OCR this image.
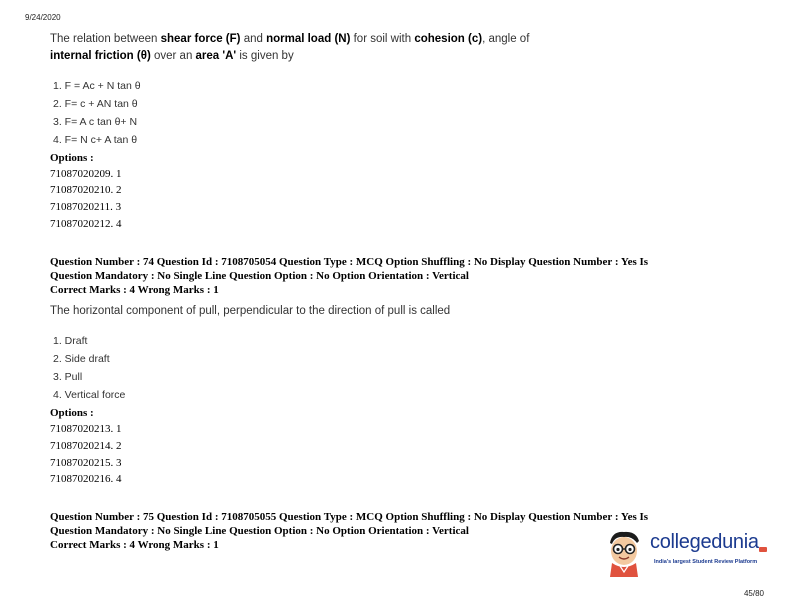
9/24/2020
The relation between shear force (F) and normal load (N) for soil with cohesion (c), angle of
internal friction (θ) over an area 'A' is given by
1. F = Ac + N tan θ
2. F= c + AN tan θ
3. F= A c tan θ+ N
4. F= N c+ A tan θ
Options :
71087020209. 1
71087020210. 2
71087020211. 3
71087020212. 4
Question Number : 74 Question Id : 7108705054 Question Type : MCQ Option Shuffling : No Display Question Number : Yes Is
Question Mandatory : No Single Line Question Option : No Option Orientation : Vertical
Correct Marks : 4 Wrong Marks : 1
The horizontal component of pull, perpendicular to the direction of pull is called
1. Draft
2. Side draft
3. Pull
4. Vertical force
Options :
71087020213. 1
71087020214. 2
71087020215. 3
71087020216. 4
Question Number : 75 Question Id : 7108705055 Question Type : MCQ Option Shuffling : No Display Question Number : Yes Is
Question Mandatory : No Single Line Question Option : No Option Orientation : Vertical
Correct Marks : 4 Wrong Marks : 1	collegedunia
India's largest Student Review Platform
45/80
